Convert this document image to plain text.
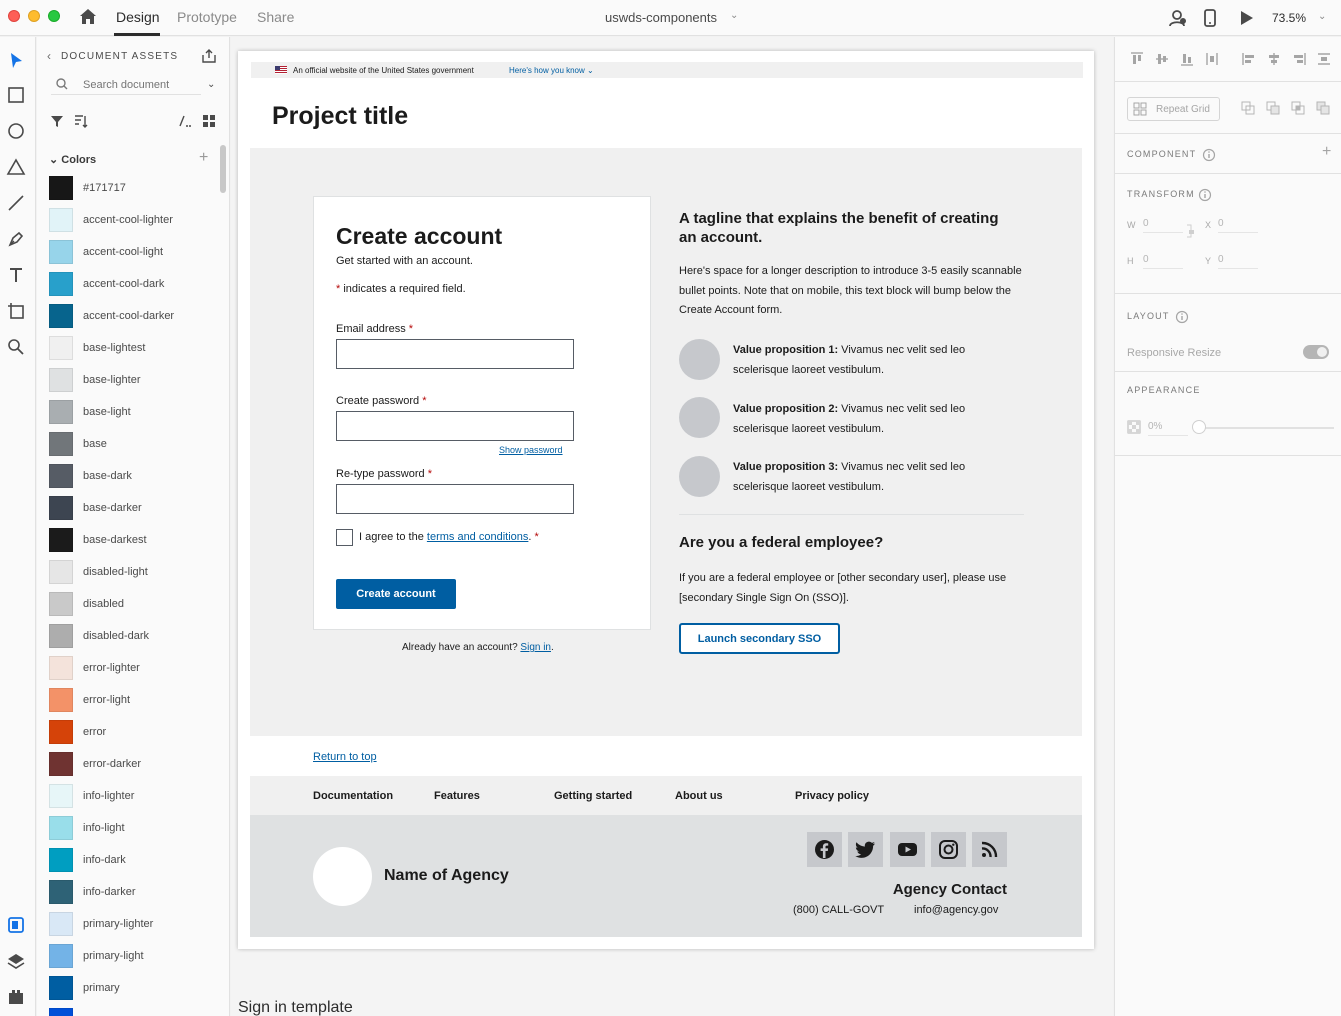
Design Prototype Share	uswds-components ⌄	73.5% ⌄
‹ DOCUMENT ASSETS
Search document
⌄
⌄ Colors	+
#171717
accent-cool-lighter
accent-cool-light
accent-cool-dark
accent-cool-darker
base-lightest
base-lighter
base-light
base
base-dark
base-darker
base-darkest
disabled-light
disabled
disabled-dark
error-lighter
error-light
error
error-darker
info-lighter
info-light
info-dark
info-darker
primary-lighter
primary-light
primary
An official website of the United States government	Here's how you know ⌄
Project title
Create account
Get started with an account.
* indicates a required field.
Email address *
Create password *
Show password
Re-type password *
I agree to the terms and conditions. *
Create account
Already have an account? Sign in.
A tagline that explains the benefit of creating an account.
Here's space for a longer description to introduce 3-5 easily scannable bullet points. Note that on mobile, this text block will bump below the Create Account form.
Value proposition 1: Vivamus nec velit sed leo scelerisque laoreet vestibulum.
Value proposition 2: Vivamus nec velit sed leo scelerisque laoreet vestibulum.
Value proposition 3: Vivamus nec velit sed leo scelerisque laoreet vestibulum.
Are you a federal employee?
If you are a federal employee or [other secondary user], please use [secondary Single Sign On (SSO)].
Launch secondary SSO
Return to top
Documentation	Features	Getting started	About us	Privacy policy
Name of Agency
Agency Contact
(800) CALL-GOVT	info@agency.gov
Sign in template
Repeat Grid
COMPONENT	+
TRANSFORM
W 0	X 0
H 0	Y 0
LAYOUT
Responsive Resize
APPEARANCE
0%
